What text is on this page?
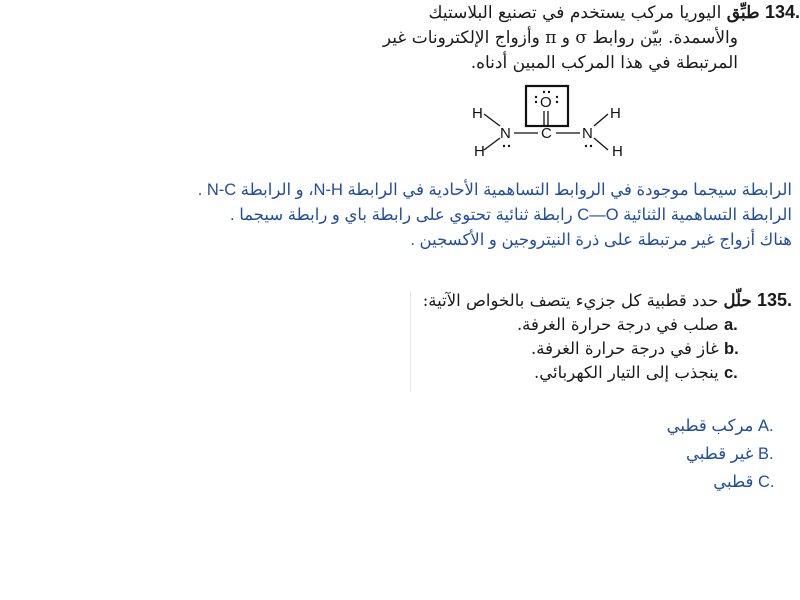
134. طبِّق اليوريا مركب يستخدم في تصنيع البلاستيك
والأسمدة. بيّن روابط σ و π وأزواج الإلكترونات غير
المرتبطة في هذا المركب المبين أدناه.
H
H
H
H
N	N
C
O
الرابطة سيجما موجودة في الروابط التساهمية الأحادية في الرابطة N-H، و الرابطة N-C .
الرابطة التساهمية الثنائية C—O رابطة ثنائية تحتوي على رابطة باي و رابطة سيجما .
هناك أزواج غير مرتبطة على ذرة النيتروجين و الأكسجين .
135. حلّل حدد قطبية كل جزيء يتصف بالخواص الآتية:
a. صلب في درجة حرارة الغرفة.
b. غاز في درجة حرارة الغرفة.
c. ينجذب إلى التيار الكهربائي.
A. مركب قطبي
B. غير قطبي
C. قطبي
